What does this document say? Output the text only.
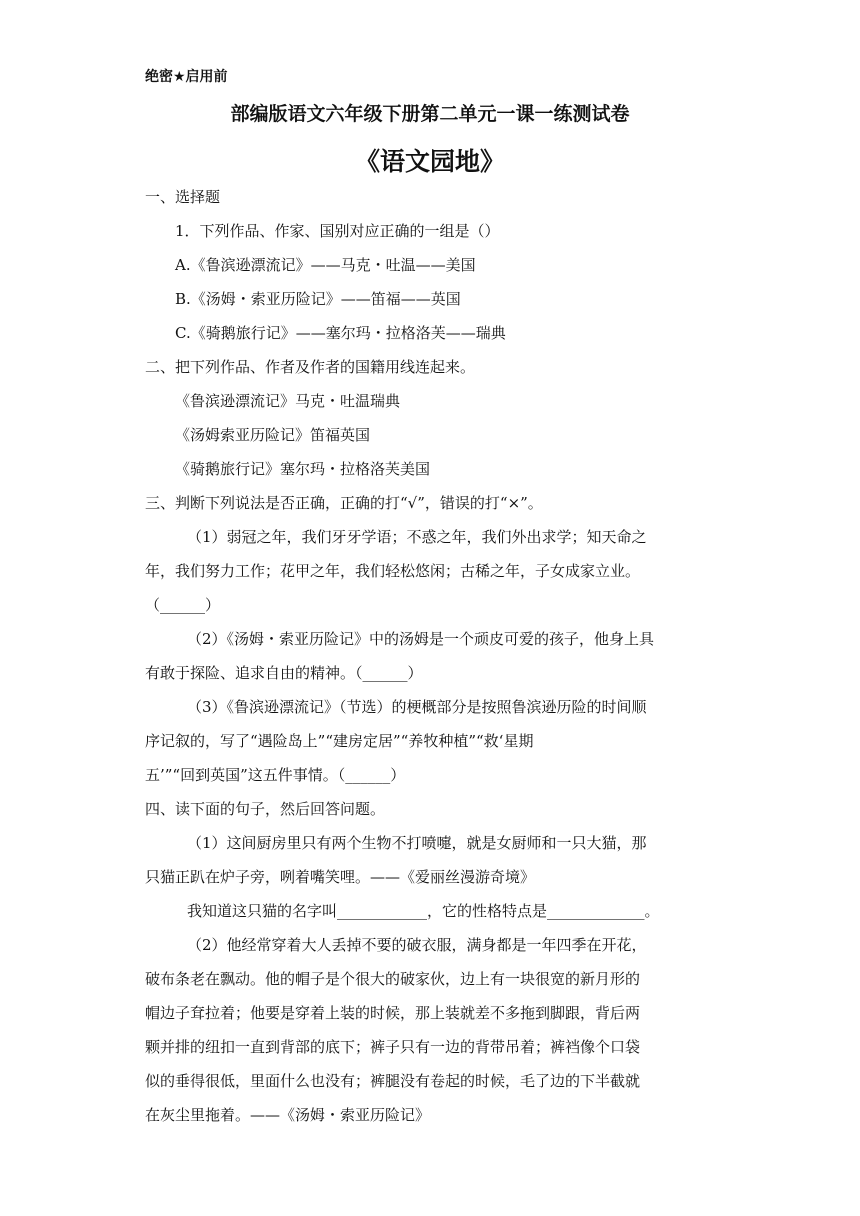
绝密★启用前
部编版语文六年级下册第二单元一课一练测试卷
《语文园地》
一、选择题
1．下列作品、作家、国别对应正确的一组是（）
A.《鲁滨逊漂流记》——马克・吐温——美国
B.《汤姆・索亚历险记》——笛福——英国
C.《骑鹅旅行记》——塞尔玛・拉格洛芙——瑞典
二、把下列作品、作者及作者的国籍用线连起来。
《鲁滨逊漂流记》马克・吐温瑞典
《汤姆索亚历险记》笛福英国
《骑鹅旅行记》塞尔玛・拉格洛芙美国
三、判断下列说法是否正确，正确的打“√”，错误的打“×”。
（1）弱冠之年，我们牙牙学语；不惑之年，我们外出求学；知天命之
年，我们努力工作；花甲之年，我们轻松悠闲；古稀之年，子女成家立业。
（______）
（2）《汤姆・索亚历险记》中的汤姆是一个顽皮可爱的孩子，他身上具
有敢于探险、追求自由的精神。（______）
（3）《鲁滨逊漂流记》（节选）的梗概部分是按照鲁滨逊历险的时间顺
序记叙的，写了“遇险岛上”“建房定居”“养牧种植”“救‘星期
五’”“回到英国”这五件事情。（______）
四、读下面的句子，然后回答问题。
（1）这间厨房里只有两个生物不打喷嚏，就是女厨师和一只大猫，那
只猫正趴在炉子旁，咧着嘴笑哩。——《爱丽丝漫游奇境》
我知道这只猫的名字叫____________，它的性格特点是_____________。
（2）他经常穿着大人丢掉不要的破衣服，满身都是一年四季在开花，
破布条老在飘动。他的帽子是个很大的破家伙，边上有一块很宽的新月形的
帽边子耷拉着；他要是穿着上装的时候，那上装就差不多拖到脚跟，背后两
颗并排的纽扣一直到背部的底下；裤子只有一边的背带吊着；裤裆像个口袋
似的垂得很低，里面什么也没有；裤腿没有卷起的时候，毛了边的下半截就
在灰尘里拖着。——《汤姆・索亚历险记》
